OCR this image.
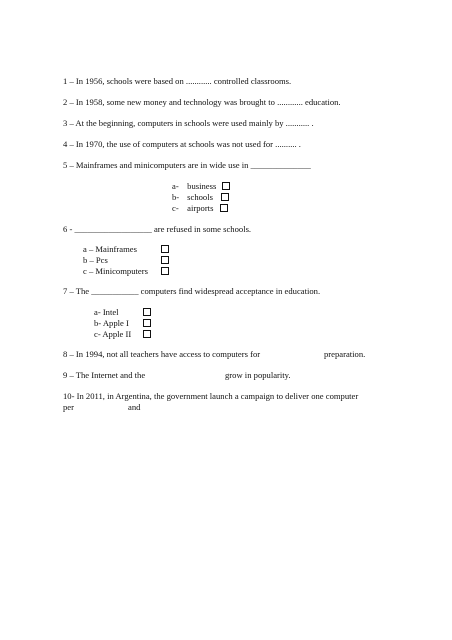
1 – In 1956, schools were based on ............ controlled classrooms.
2 – In 1958, some new money and technology was brought to ............ education.
3 – At the beginning, computers in schools were used mainly by ........... .
4 – In 1970, the use of computers at schools was not used for .......... .
5 – Mainframes and minicomputers are in wide use in ______________
a- business
b- schools
c- airports
6 - __________________ are refused in some schools.
a – Mainframes
b – Pcs
c – Minicomputers
7 – The ___________ computers find widespread acceptance in education.
a- Intel
b- Apple I
c- Apple II
8 – In 1994, not all teachers have access to computers for	preparation.
9 – The Internet and the	grow in popularity.
10- In 2011, in Argentina, the government launch a campaign to deliver one computer
per	and
